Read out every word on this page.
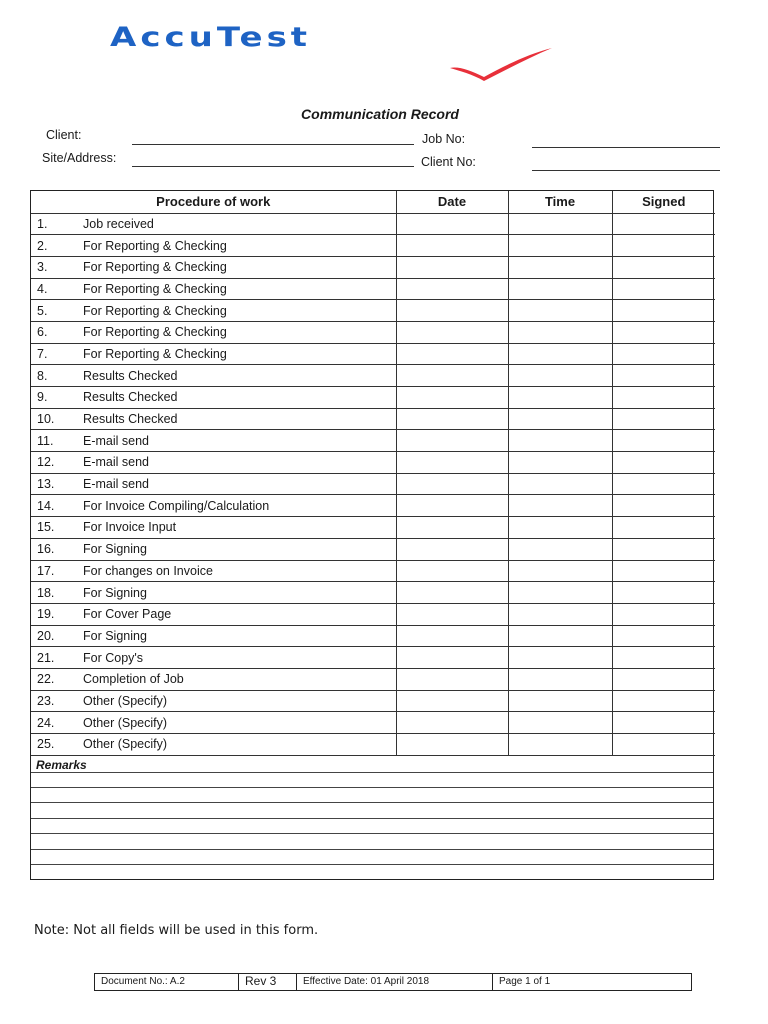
AccuTest
Communication Record
Client:
Site/Address:
Job No:
Client No:
Procedure of work	Date	Time	Signed
1. Job received			
2. For Reporting & Checking			
3. For Reporting & Checking			
4. For Reporting & Checking			
5. For Reporting & Checking			
6. For Reporting & Checking			
7. For Reporting & Checking			
8. Results Checked			
9. Results Checked			
10. Results Checked			
11. E-mail send			
12. E-mail send			
13. E-mail send			
14. For Invoice Compiling/Calculation			
15. For Invoice Input			
16. For Signing			
17. For changes on Invoice			
18. For Signing			
19. For Cover Page			
20. For Signing			
21. For Copy's			
22. Completion of Job			
23. Other (Specify)			
24. Other (Specify)			
25. Other (Specify)			
Remarks
Note: Not all fields will be used in this form.
Document No.: A.2	Rev 3	Effective Date: 01 April 2018	Page 1 of 1
